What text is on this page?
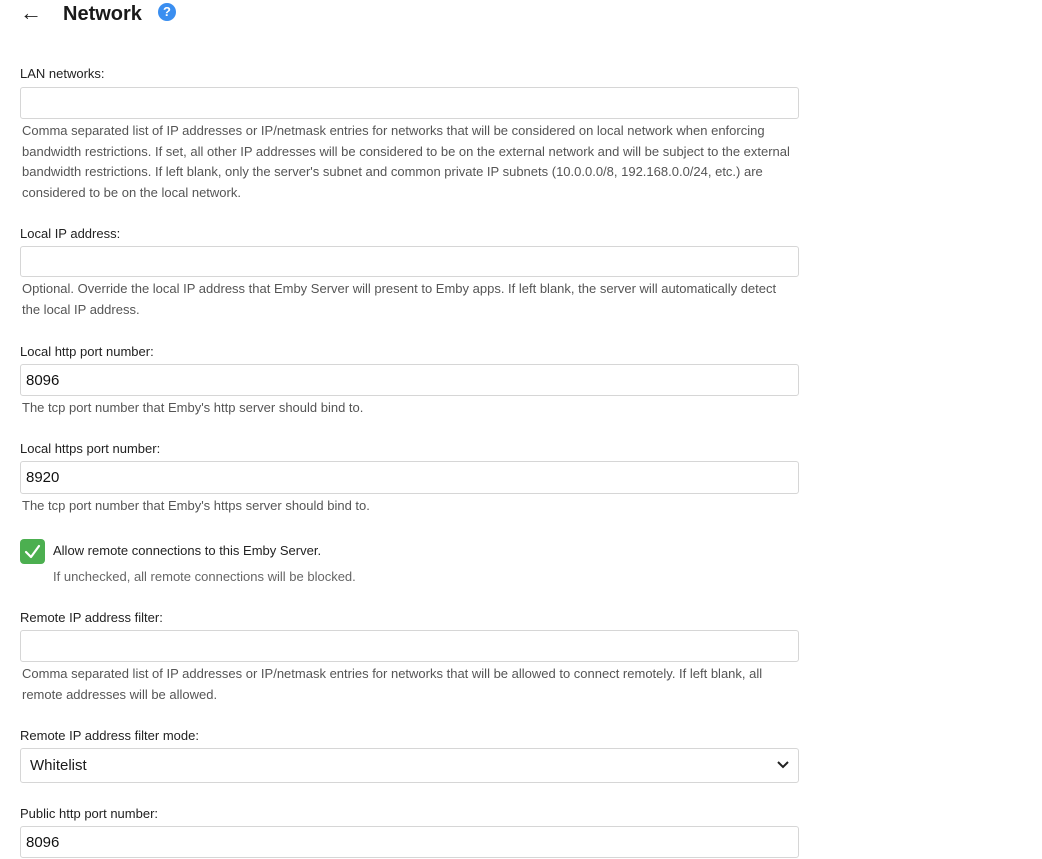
← Network	?
LAN networks:
Comma separated list of IP addresses or IP/netmask entries for networks that will be considered on local network when enforcing bandwidth restrictions. If set, all other IP addresses will be considered to be on the external network and will be subject to the external bandwidth restrictions. If left blank, only the server's subnet and common private IP subnets (10.0.0.0/8, 192.168.0.0/24, etc.) are considered to be on the local network.
Local IP address:
Optional. Override the local IP address that Emby Server will present to Emby apps. If left blank, the server will automatically detect the local IP address.
Local http port number:
8096
The tcp port number that Emby's http server should bind to.
Local https port number:
8920
The tcp port number that Emby's https server should bind to.
Allow remote connections to this Emby Server.
If unchecked, all remote connections will be blocked.
Remote IP address filter:
Comma separated list of IP addresses or IP/netmask entries for networks that will be allowed to connect remotely. If left blank, all remote addresses will be allowed.
Remote IP address filter mode:
Whitelist
Public http port number:
8096
